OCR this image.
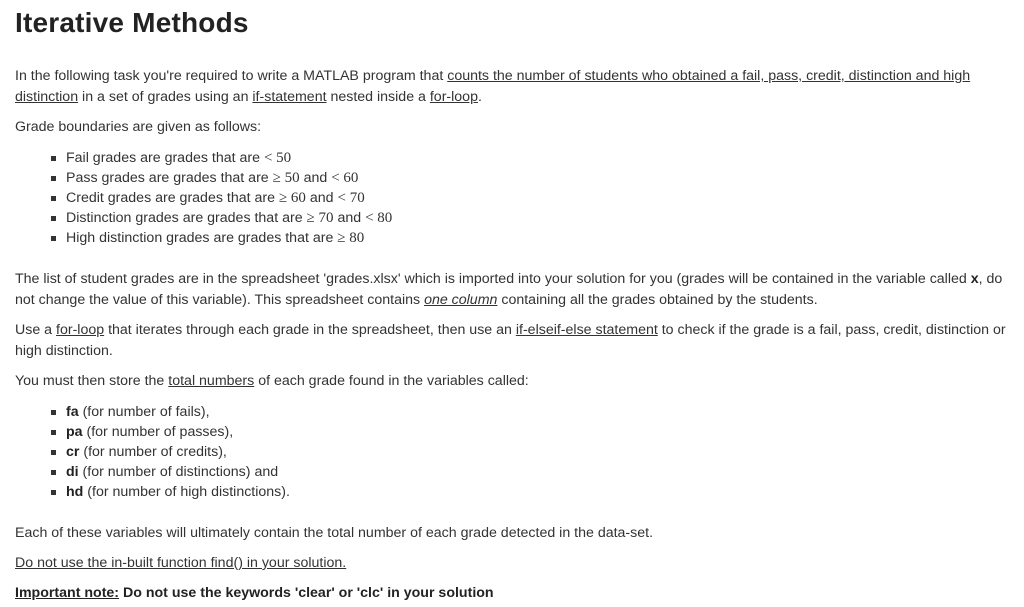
Iterative Methods

In the following task you're required to write a MATLAB program that counts the number of students who obtained a fail, pass, credit, distinction and high distinction in a set of grades using an if-statement nested inside a for-loop.

Grade boundaries are given as follows:

Fail grades are grades that are < 50
Pass grades are grades that are ≥ 50 and < 60
Credit grades are grades that are ≥ 60 and < 70
Distinction grades are grades that are ≥ 70 and < 80
High distinction grades are grades that are ≥ 80

The list of student grades are in the spreadsheet 'grades.xlsx' which is imported into your solution for you (grades will be contained in the variable called x, do not change the value of this variable). This spreadsheet contains one column containing all the grades obtained by the students.

Use a for-loop that iterates through each grade in the spreadsheet, then use an if-elseif-else statement to check if the grade is a fail, pass, credit, distinction or high distinction.

You must then store the total numbers of each grade found in the variables called:

fa (for number of fails),
pa (for number of passes),
cr (for number of credits),
di (for number of distinctions) and
hd (for number of high distinctions).

Each of these variables will ultimately contain the total number of each grade detected in the data-set.

Do not use the in-built function find() in your solution.

Important note: Do not use the keywords 'clear' or 'clc' in your solution
